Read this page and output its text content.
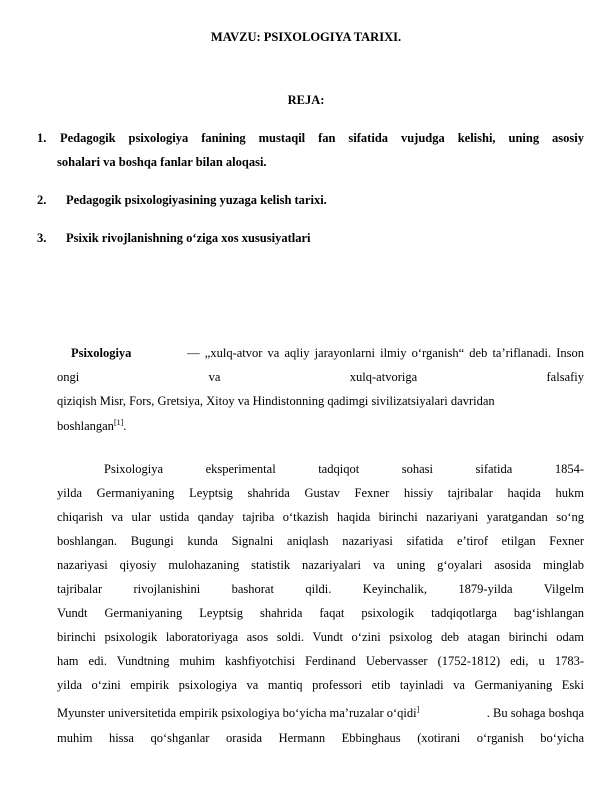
MAVZU: PSIXOLOGIYA TARIXI.
REJA:
1. Pedagogik psixologiya fanining mustaqil fan sifatida vujudga kelishi, uning asosiy
sohalari va boshqa fanlar bilan aloqasi.
2. Pedagogik psixologiyasining yuzaga kelish tarixi.
3. Psixik rivojlanishning o‘ziga xos xususiyatlari
Psixologiya	— „xulq-atvor va aqliy jarayonlarni ilmiy o‘rganish“ deb ta’riflanadi. Inson
ongi	va	xulq-atvoriga	falsafiy
qiziqish Misr, Fors, Gretsiya, Xitoy va Hindistonning qadimgi sivilizatsiyalari davridan
boshlangan[1].
Psixologiya eksperimental tadqiqot sohasi sifatida 1854-
yilda Germaniyaning Leyptsig shahrida Gustav Fexner hissiy tajribalar haqida hukm
chiqarish va ular ustida qanday tajriba o‘tkazish haqida birinchi nazariyani yaratgandan so‘ng
boshlangan. Bugungi kunda Signalni aniqlash nazariyasi sifatida e’tirof etilgan Fexner
nazariyasi qiyosiy mulohazaning statistik nazariyalari va uning g‘oyalari asosida minglab
tajribalar rivojlanishini bashorat qildi. Keyinchalik, 1879-yilda Vilgelm
Vundt Germaniyaning Leyptsig shahrida faqat psixologik tadqiqotlarga bag‘ishlangan
birinchi psixologik laboratoriyaga asos soldi. Vundt o‘zini psixolog deb atagan birinchi odam
ham edi. Vundtning muhim kashfiyotchisi Ferdinand Uebervasser (1752-1812) edi, u 1783-
yilda o‘zini empirik psixologiya va mantiq professori etib tayinladi va Germaniyaning Eski
Myunster universitetida empirik psixologiya bo‘yicha ma’ruzalar o‘qidi]	. Bu sohaga boshqa
muhim hissa qo‘shganlar orasida Hermann Ebbinghaus (xotirani o‘rganish bo‘yicha
